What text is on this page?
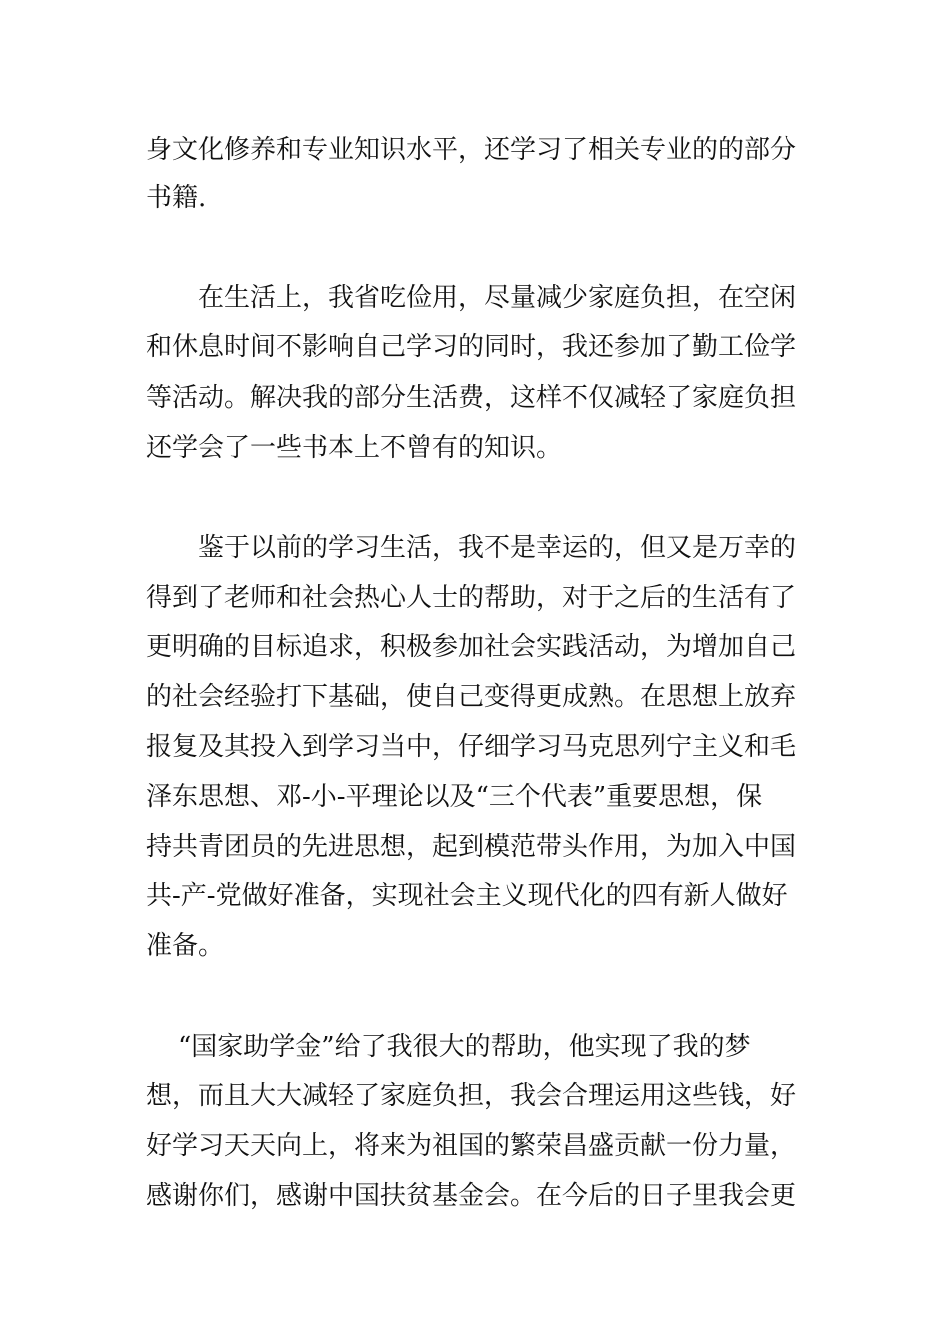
身文化修养和专业知识水平，还学习了相关专业的的部分
书籍.
在生活上，我省吃俭用，尽量减少家庭负担，在空闲
和休息时间不影响自己学习的同时，我还参加了勤工俭学
等活动。解决我的部分生活费，这样不仅减轻了家庭负担
还学会了一些书本上不曾有的知识。
鉴于以前的学习生活，我不是幸运的，但又是万幸的
得到了老师和社会热心人士的帮助，对于之后的生活有了
更明确的目标追求，积极参加社会实践活动，为增加自己
的社会经验打下基础，使自己变得更成熟。在思想上放弃
报复及其投入到学习当中，仔细学习马克思列宁主义和毛
泽东思想、邓-小-平理论以及“三个代表”重要思想，保
持共青团员的先进思想，起到模范带头作用，为加入中国
共-产-党做好准备，实现社会主义现代化的四有新人做好
准备。
“国家助学金”给了我很大的帮助，他实现了我的梦
想，而且大大减轻了家庭负担，我会合理运用这些钱，好
好学习天天向上，将来为祖国的繁荣昌盛贡献一份力量，
感谢你们，感谢中国扶贫基金会。在今后的日子里我会更
